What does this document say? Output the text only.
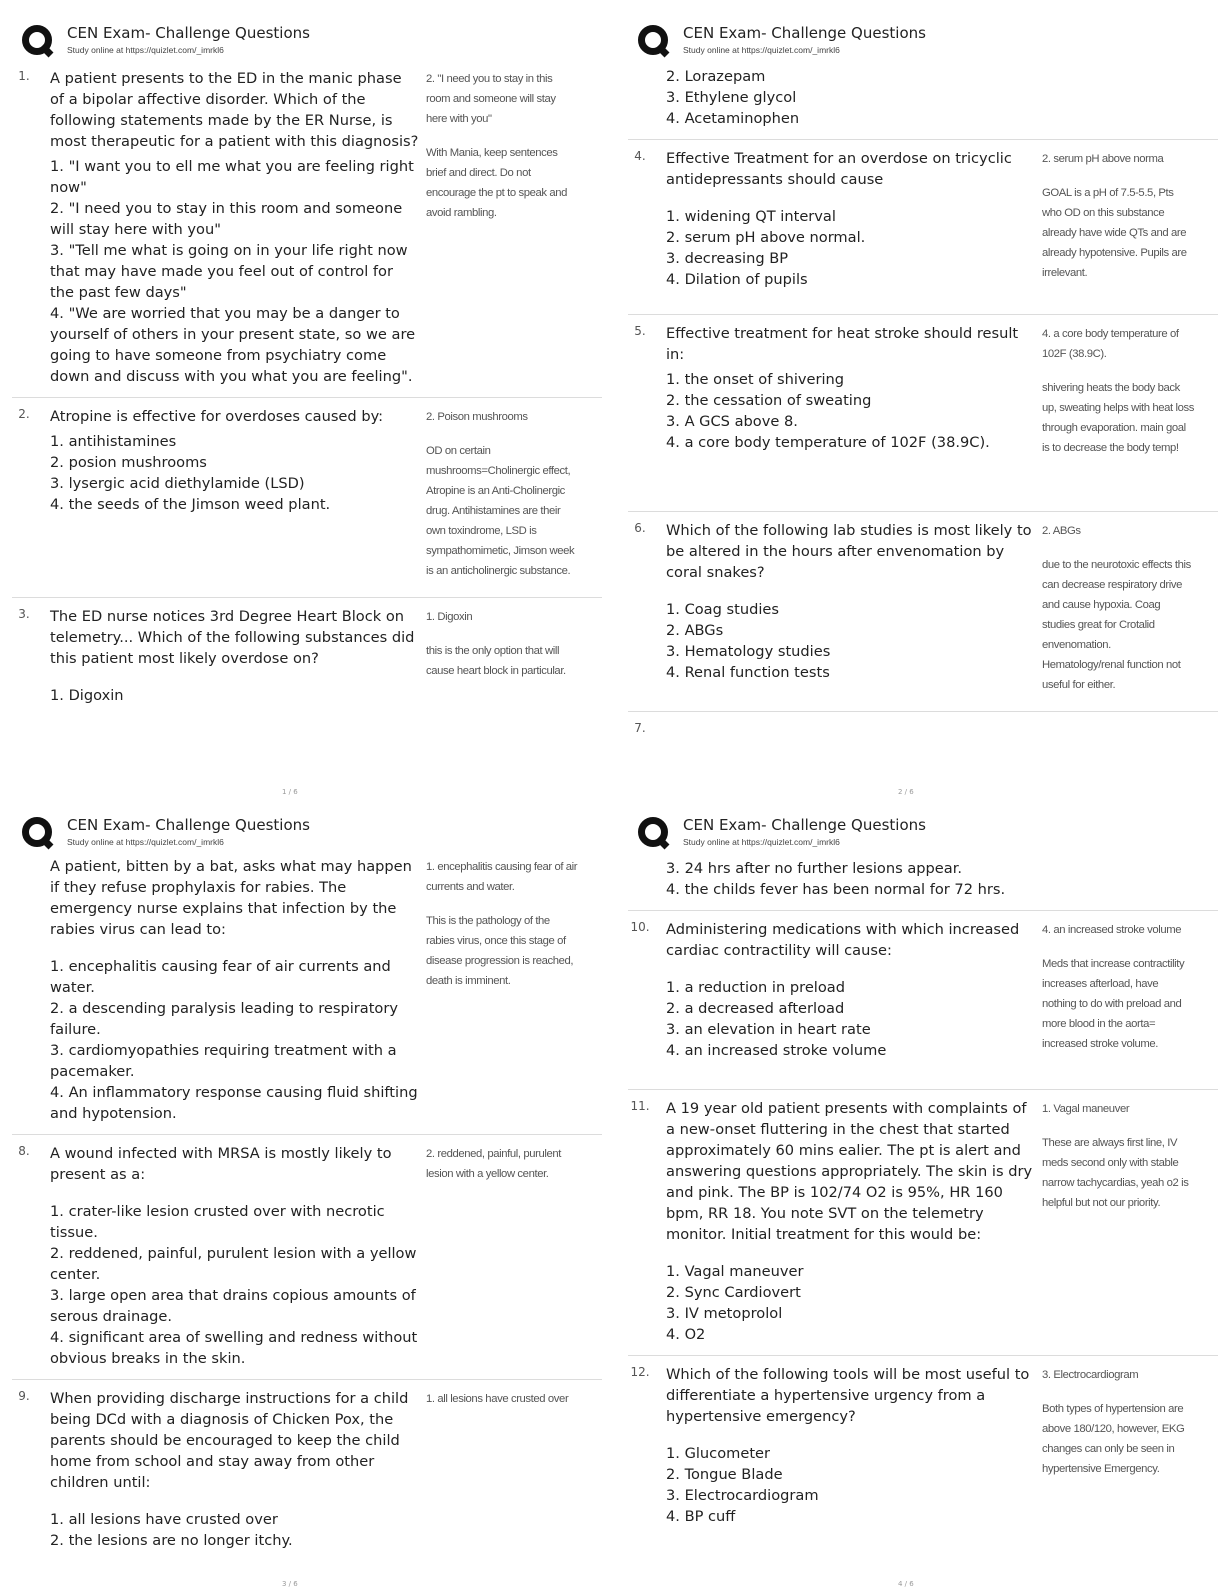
CEN Exam- Challenge Questions
Study online at https://quizlet.com/_imrkl6
1.	A patient presents to the ED in the manic phase of a bipolar affective disorder. Which of the following statements made by the ER Nurse, is most therapeutic for a patient with this diagnosis?
1. "I want you to ell me what you are feeling right now"
2. "I need you to stay in this room and someone will stay here with you"
3. "Tell me what is going on in your life right now that may have made you feel out of control for the past few days"
4. "We are worried that you may be a danger to yourself of others in your present state, so we are going to have someone from psychiatry come down and discuss with you what you are feeling".
2. "I need you to stay in this room and someone will stay here with you"
With Mania, keep sentences brief and direct. Do not encourage the pt to speak and avoid rambling.
2.	Atropine is effective for overdoses caused by:
1. antihistamines
2. posion mushrooms
3. lysergic acid diethylamide (LSD)
4. the seeds of the Jimson weed plant.
2. Poison mushrooms
OD on certain mushrooms=Cholinergic effect, Atropine is an Anti-Cholinergic drug. Antihistamines are their own toxindrome, LSD is sympathomimetic, Jimson week is an anticholinergic substance.
3.	The ED nurse notices 3rd Degree Heart Block on telemetry... Which of the following substances did this patient most likely overdose on?
1. Digoxin
1. Digoxin
this is the only option that will cause heart block in particular.
1 / 6
CEN Exam- Challenge Questions
Study online at https://quizlet.com/_imrkl6
2. Lorazepam
3. Ethylene glycol
4. Acetaminophen
4.	Effective Treatment for an overdose on tricyclic antidepressants should cause
1. widening QT interval
2. serum pH above normal.
3. decreasing BP
4. Dilation of pupils
2. serum pH above norma
GOAL is a pH of 7.5-5.5, Pts who OD on this substance already have wide QTs and are already hypotensive. Pupils are irrelevant.
5.	Effective treatment for heat stroke should result in:
1. the onset of shivering
2. the cessation of sweating
3. A GCS above 8.
4. a core body temperature of 102F (38.9C).
4. a core body temperature of 102F (38.9C).
shivering heats the body back up, sweating helps with heat loss through evaporation. main goal is to decrease the body temp!
6.	Which of the following lab studies is most likely to be altered in the hours after envenomation by coral snakes?
1. Coag studies
2. ABGs
3. Hematology studies
4. Renal function tests
2. ABGs
due to the neurotoxic effects this can decrease respiratory drive and cause hypoxia. Coag studies great for Crotalid envenomation. Hematology/renal function not useful for either.
7.
2 / 6
CEN Exam- Challenge Questions
Study online at https://quizlet.com/_imrkl6
A patient, bitten by a bat, asks what may happen if they refuse prophylaxis for rabies. The emergency nurse explains that infection by the rabies virus can lead to:
1. encephalitis causing fear of air currents and water.
2. a descending paralysis leading to respiratory failure.
3. cardiomyopathies requiring treatment with a pacemaker.
4. An inflammatory response causing fluid shifting and hypotension.
1. encephalitis causing fear of air currents and water.
This is the pathology of the rabies virus, once this stage of disease progression is reached, death is imminent.
8.	A wound infected with MRSA is mostly likely to present as a:
1. crater-like lesion crusted over with necrotic tissue.
2. reddened, painful, purulent lesion with a yellow center.
3. large open area that drains copious amounts of serous drainage.
4. significant area of swelling and redness without obvious breaks in the skin.
2. reddened, painful, purulent lesion with a yellow center.
9.	When providing discharge instructions for a child being DCd with a diagnosis of Chicken Pox, the parents should be encouraged to keep the child home from school and stay away from other children until:
1. all lesions have crusted over
2. the lesions are no longer itchy.
1. all lesions have crusted over
3 / 6
CEN Exam- Challenge Questions
Study online at https://quizlet.com/_imrkl6
3. 24 hrs after no further lesions appear.
4. the childs fever has been normal for 72 hrs.
10. Administering medications with which increased cardiac contractility will cause:
1. a reduction in preload
2. a decreased afterload
3. an elevation in heart rate
4. an increased stroke volume
4. an increased stroke volume
Meds that increase contractility increases afterload, have nothing to do with preload and more blood in the aorta= increased stroke volume.
11. A 19 year old patient presents with complaints of a new-onset fluttering in the chest that started approximately 60 mins ealier. The pt is alert and answering questions appropriately. The skin is dry and pink. The BP is 102/74 O2 is 95%, HR 160 bpm, RR 18. You note SVT on the telemetry monitor. Initial treatment for this would be:
1. Vagal maneuver
2. Sync Cardiovert
3. IV metoprolol
4. O2
1. Vagal maneuver
These are always first line, IV meds second only with stable narrow tachycardias, yeah o2 is helpful but not our priority.
12. Which of the following tools will be most useful to differentiate a hypertensive urgency from a hypertensive emergency?
1. Glucometer
2. Tongue Blade
3. Electrocardiogram
4. BP cuff
3. Electrocardiogram
Both types of hypertension are above 180/120, however, EKG changes can only be seen in hypertensive Emergency.
4 / 6
